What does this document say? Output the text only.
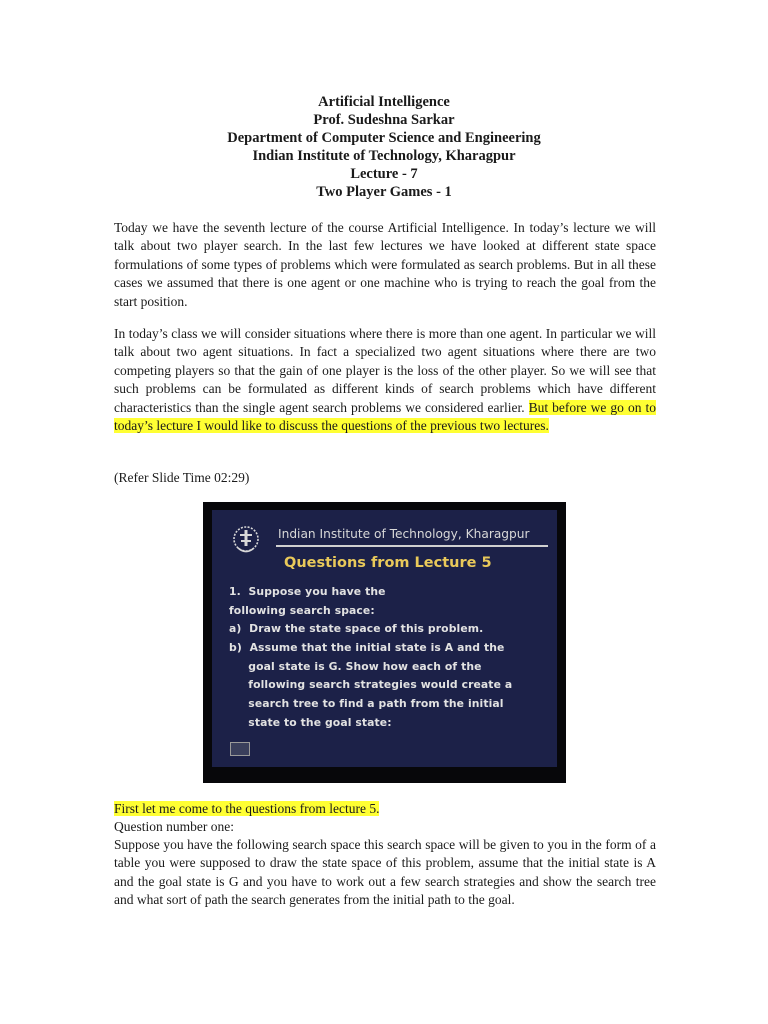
Artificial Intelligence
Prof. Sudeshna Sarkar
Department of Computer Science and Engineering
Indian Institute of Technology, Kharagpur
Lecture - 7
Two Player Games - 1
Today we have the seventh lecture of the course Artificial Intelligence. In today’s lecture we will talk about two player search. In the last few lectures we have looked at different state space formulations of some types of problems which were formulated as search problems. But in all these cases we assumed that there is one agent or one machine who is trying to reach the goal from the start position.
In today’s class we will consider situations where there is more than one agent. In particular we will talk about two agent situations. In fact a specialized two agent situations where there are two competing players so that the gain of one player is the loss of the other player. So we will see that such problems can be formulated as different kinds of search problems which have different characteristics than the single agent search problems we considered earlier. But before we go on to today’s lecture I would like to discuss the questions of the previous two lectures.
(Refer Slide Time 02:29)
Indian Institute of Technology, Kharagpur
Questions from Lecture 5
1.  Suppose you have the
following search space:
a)  Draw the state space of this problem.
b)  Assume that the initial state is A and the
goal state is G. Show how each of the
following search strategies would create a
search tree to find a path from the initial
state to the goal state:
First let me come to the questions from lecture 5.
Question number one:
Suppose you have the following search space this search space will be given to you in the form of a table you were supposed to draw the state space of this problem, assume that the initial state is A and the goal state is G and you have to work out a few search strategies and show the search tree and what sort of path the search generates from the initial path to the goal.
